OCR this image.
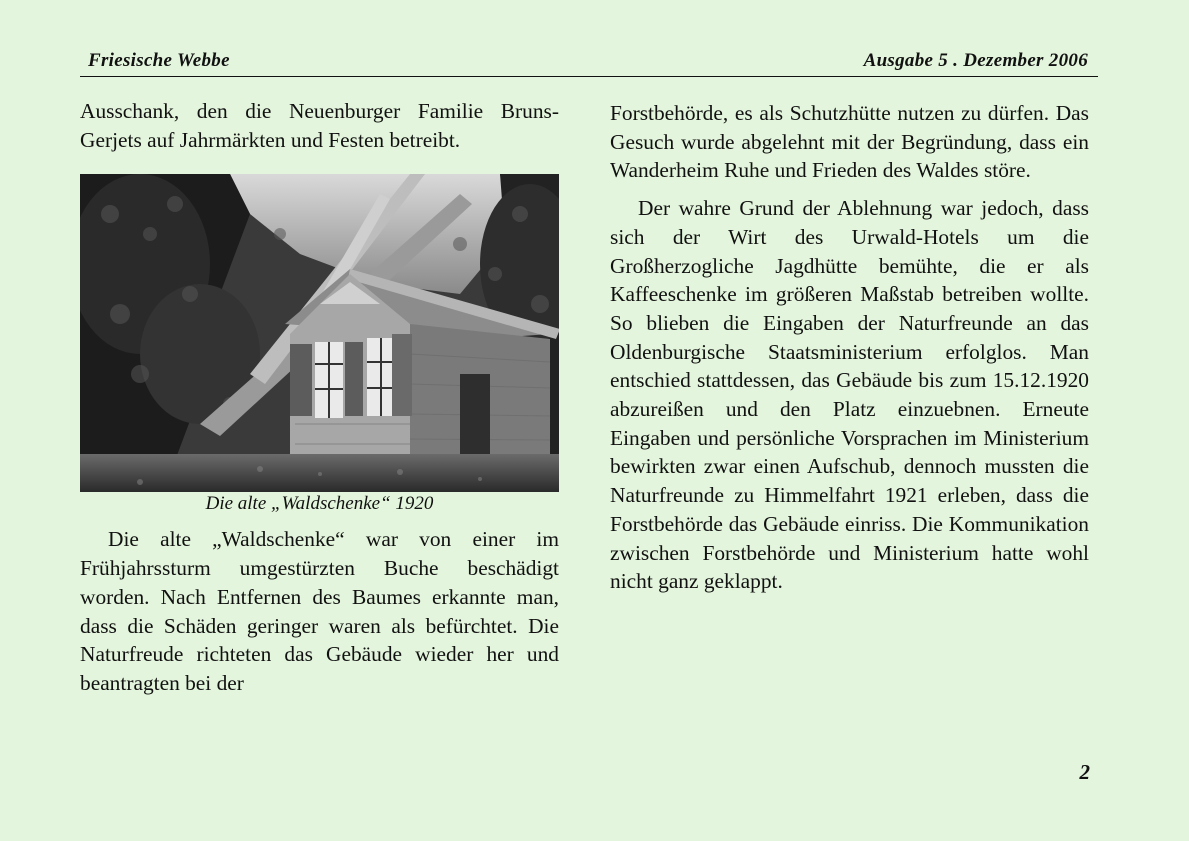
Friesische Webbe	Ausgabe 5 . Dezember 2006

Ausschank, den die Neuenburger Familie Bruns-Gerjets auf Jahrmärkten und Festen betreibt.

Die alte „Waldschenke“ 1920

Die alte „Waldschenke“ war von einer im Frühjahrssturm umgestürzten Buche beschädigt worden. Nach Entfernen des Baumes erkannte man, dass die Schäden geringer waren als befürchtet. Die Naturfreude richteten das Gebäude wieder her und beantragten bei der

Forstbehörde, es als Schutzhütte nutzen zu dürfen. Das Gesuch wurde abgelehnt mit der Begründung, dass ein Wanderheim Ruhe und Frieden des Waldes störe.

Der wahre Grund der Ablehnung war jedoch, dass sich der Wirt des Urwald-Hotels um die Großherzogliche Jagdhütte bemühte, die er als Kaffeeschenke im größeren Maßstab betreiben wollte. So blieben die Eingaben der Naturfreunde an das Oldenburgische Staatsministerium erfolglos. Man entschied stattdessen, das Gebäude bis zum 15.12.1920 abzureißen und den Platz einzuebnen. Erneute Eingaben und persönliche Vorsprachen im Ministerium bewirkten zwar einen Aufschub, dennoch mussten die Naturfreunde zu Himmelfahrt 1921 erleben, dass die Forstbehörde das Gebäude einriss. Die Kommunikation zwischen Forstbehörde und Ministerium hatte wohl nicht ganz geklappt.

2
